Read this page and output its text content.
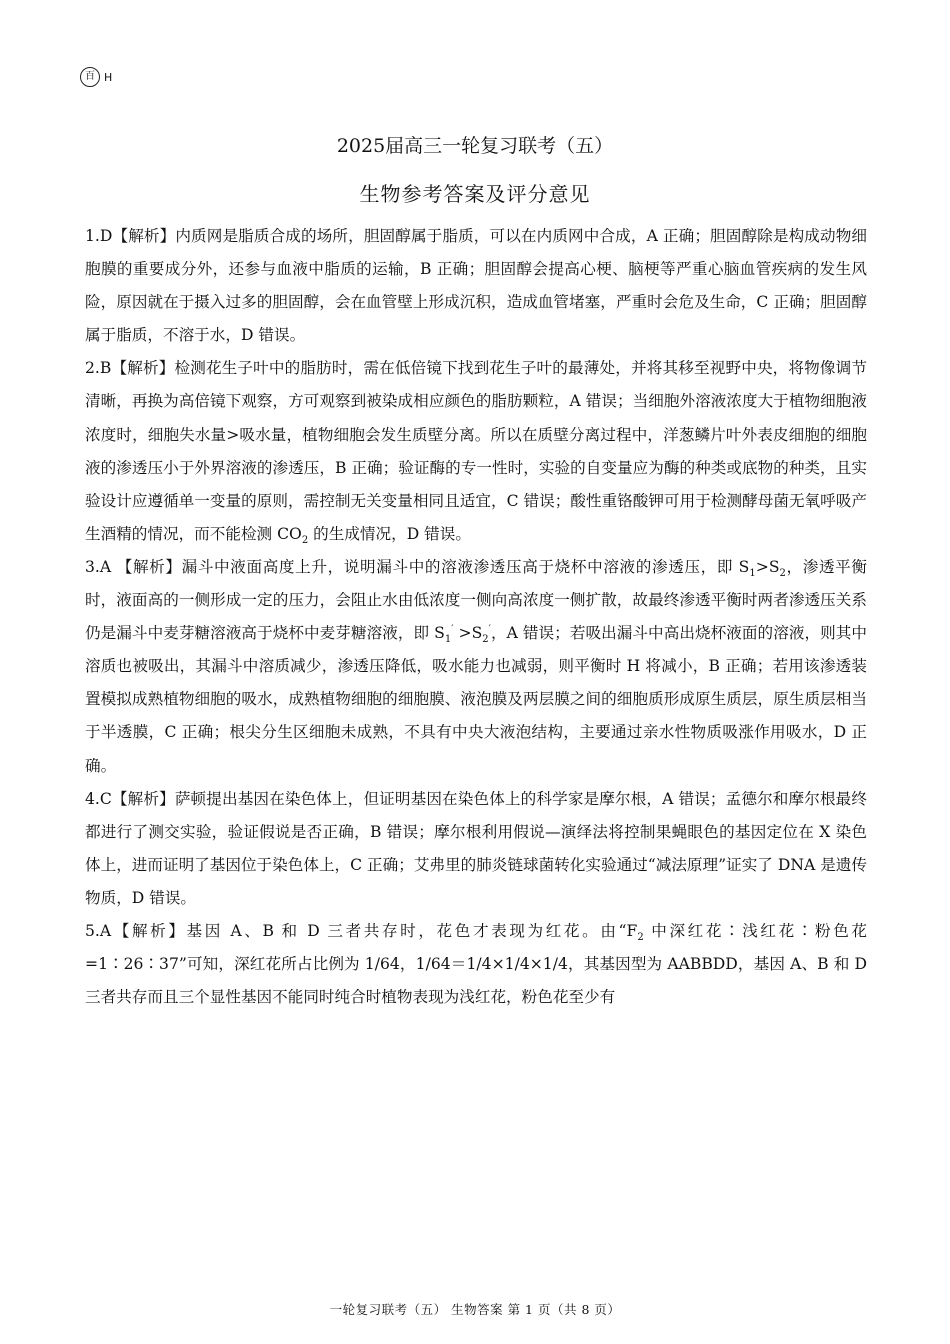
百 H
2025届高三一轮复习联考（五）
生物参考答案及评分意见

1.D【解析】内质网是脂质合成的场所，胆固醇属于脂质，可以在内质网中合成，A 正确；胆固醇除是构成动物细胞膜的重要成分外，还参与血液中脂质的运输，B 正确；胆固醇会提高心梗、脑梗等严重心脑血管疾病的发生风险，原因就在于摄入过多的胆固醇，会在血管壁上形成沉积，造成血管堵塞，严重时会危及生命，C 正确；胆固醇属于脂质，不溶于水，D 错误。

2.B【解析】检测花生子叶中的脂肪时，需在低倍镜下找到花生子叶的最薄处，并将其移至视野中央，将物像调节清晰，再换为高倍镜下观察，方可观察到被染成相应颜色的脂肪颗粒，A 错误；当细胞外溶液浓度大于植物细胞液浓度时，细胞失水量>吸水量，植物细胞会发生质壁分离。所以在质壁分离过程中，洋葱鳞片叶外表皮细胞的细胞液的渗透压小于外界溶液的渗透压，B 正确；验证酶的专一性时，实验的自变量应为酶的种类或底物的种类，且实验设计应遵循单一变量的原则，需控制无关变量相同且适宜，C 错误；酸性重铬酸钾可用于检测酵母菌无氧呼吸产生酒精的情况，而不能检测 $CO_2$ 的生成情况，D 错误。

3.A 【解析】漏斗中液面高度上升，说明漏斗中的溶液渗透压高于烧杯中溶液的渗透压，即 $S_1>S_2$，渗透平衡时，液面高的一侧形成一定的压力，会阻止水由低浓度一侧向高浓度一侧扩散，故最终渗透平衡时两者渗透压关系仍是漏斗中麦芽糖溶液高于烧杯中麦芽糖溶液，即 $S_1' >S_2'$，A 错误；若吸出漏斗中高出烧杯液面的溶液，则其中溶质也被吸出，其漏斗中溶质减少，渗透压降低，吸水能力也减弱，则平衡时 H 将减小，B 正确；若用该渗透装置模拟成熟植物细胞的吸水，成熟植物细胞的细胞膜、液泡膜及两层膜之间的细胞质形成原生质层，原生质层相当于半透膜，C 正确；根尖分生区细胞未成熟，不具有中央大液泡结构，主要通过亲水性物质吸涨作用吸水，D 正确。

4.C【解析】萨顿提出基因在染色体上，但证明基因在染色体上的科学家是摩尔根，A 错误；孟德尔和摩尔根最终都进行了测交实验，验证假说是否正确，B 错误；摩尔根利用假说—演绎法将控制果蝇眼色的基因定位在 X 染色体上，进而证明了基因位于染色体上，C 正确；艾弗里的肺炎链球菌转化实验通过“减法原理”证实了 DNA 是遗传物质，D 错误。

5.A【解析】基因 A、B 和 D 三者共存时，花色才表现为红花。由“$F_2$ 中深红花∶浅红花∶粉色花=1∶26∶37”可知，深红花所占比例为 1/64，1/64＝1/4×1/4×1/4，其基因型为 AABBDD，基因 A、B 和 D 三者共存而且三个显性基因不能同时纯合时植物表现为浅红花，粉色花至少有

一轮复习联考（五） 生物答案 第 1 页（共 8 页）
